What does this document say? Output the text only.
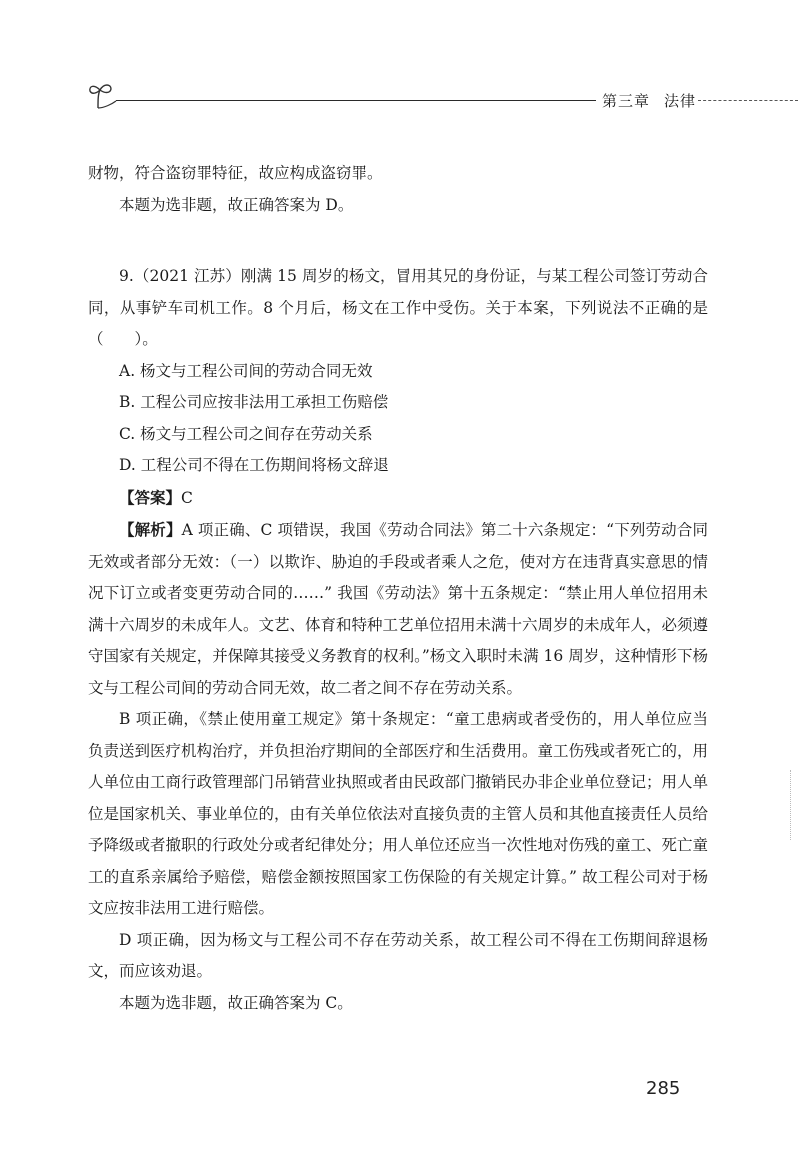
第三章 法律

财物，符合盗窃罪特征，故应构成盗窃罪。

本题为选非题，故正确答案为 D。

9.（2021 江苏）刚满 15 周岁的杨文，冒用其兄的身份证，与某工程公司签订劳动合同，从事铲车司机工作。8 个月后，杨文在工作中受伤。关于本案，下列说法不正确的是（　　）。

A. 杨文与工程公司间的劳动合同无效

B. 工程公司应按非法用工承担工伤赔偿

C. 杨文与工程公司之间存在劳动关系

D. 工程公司不得在工伤期间将杨文辞退

【答案】C

【解析】A 项正确、C 项错误，我国《劳动合同法》第二十六条规定：“下列劳动合同无效或者部分无效：（一）以欺诈、胁迫的手段或者乘人之危，使对方在违背真实意思的情况下订立或者变更劳动合同的……” 我国《劳动法》第十五条规定：“禁止用人单位招用未满十六周岁的未成年人。文艺、体育和特种工艺单位招用未满十六周岁的未成年人，必须遵守国家有关规定，并保障其接受义务教育的权利。”杨文入职时未满 16 周岁，这种情形下杨文与工程公司间的劳动合同无效，故二者之间不存在劳动关系。

B 项正确，《禁止使用童工规定》第十条规定：“童工患病或者受伤的，用人单位应当负责送到医疗机构治疗，并负担治疗期间的全部医疗和生活费用。童工伤残或者死亡的，用人单位由工商行政管理部门吊销营业执照或者由民政部门撤销民办非企业单位登记；用人单位是国家机关、事业单位的，由有关单位依法对直接负责的主管人员和其他直接责任人员给予降级或者撤职的行政处分或者纪律处分；用人单位还应当一次性地对伤残的童工、死亡童工的直系亲属给予赔偿，赔偿金额按照国家工伤保险的有关规定计算。” 故工程公司对于杨文应按非法用工进行赔偿。

D 项正确，因为杨文与工程公司不存在劳动关系，故工程公司不得在工伤期间辞退杨文，而应该劝退。

本题为选非题，故正确答案为 C。

285
